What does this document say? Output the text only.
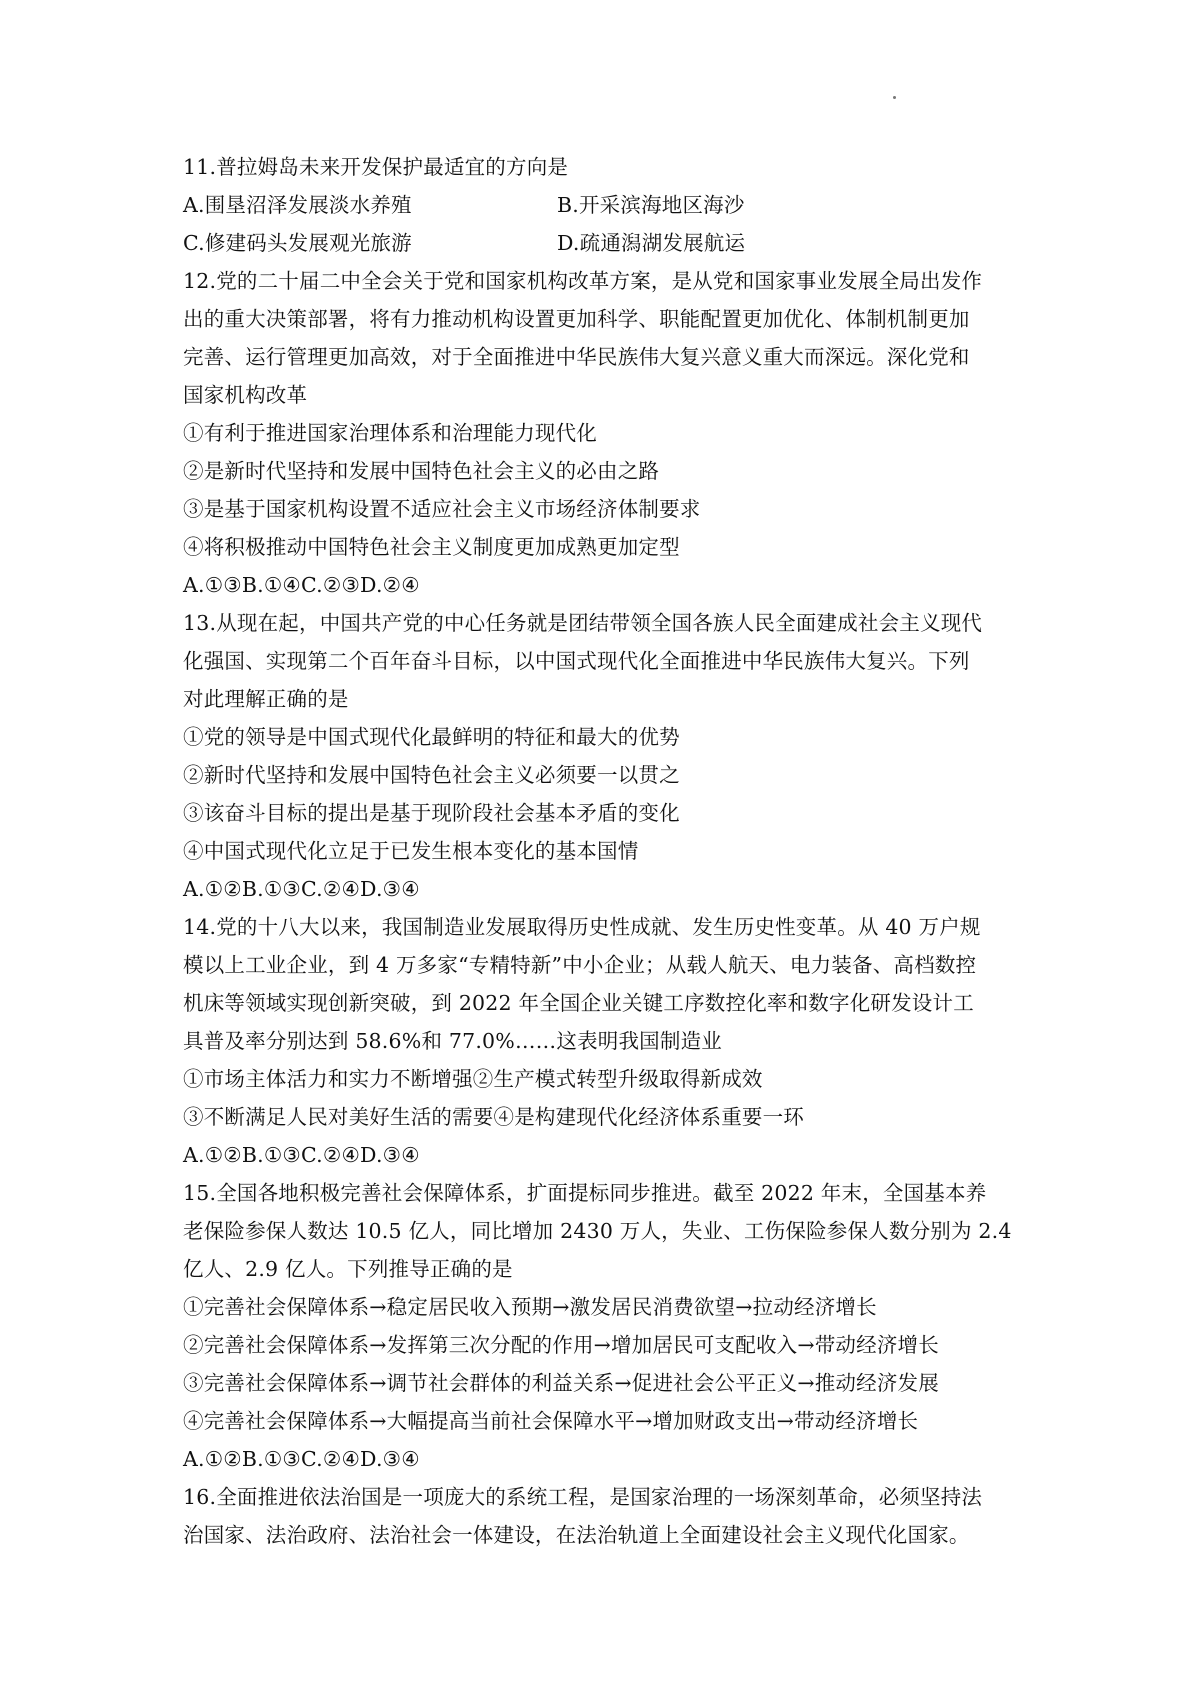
11.普拉姆岛未来开发保护最适宜的方向是
A.围垦沼泽发展淡水养殖	B.开采滨海地区海沙
C.修建码头发展观光旅游	D.疏通潟湖发展航运
12.党的二十届二中全会关于党和国家机构改革方案，是从党和国家事业发展全局出发作
出的重大决策部署，将有力推动机构设置更加科学、职能配置更加优化、体制机制更加
完善、运行管理更加高效，对于全面推进中华民族伟大复兴意义重大而深远。深化党和
国家机构改革
①有利于推进国家治理体系和治理能力现代化
②是新时代坚持和发展中国特色社会主义的必由之路
③是基于国家机构设置不适应社会主义市场经济体制要求
④将积极推动中国特色社会主义制度更加成熟更加定型
A.①③B.①④C.②③D.②④
13.从现在起，中国共产党的中心任务就是团结带领全国各族人民全面建成社会主义现代
化强国、实现第二个百年奋斗目标，以中国式现代化全面推进中华民族伟大复兴。下列
对此理解正确的是
①党的领导是中国式现代化最鲜明的特征和最大的优势
②新时代坚持和发展中国特色社会主义必须要一以贯之
③该奋斗目标的提出是基于现阶段社会基本矛盾的变化
④中国式现代化立足于已发生根本变化的基本国情
A.①②B.①③C.②④D.③④
14.党的十八大以来，我国制造业发展取得历史性成就、发生历史性变革。从 40 万户规
模以上工业企业，到 4 万多家“专精特新”中小企业；从载人航天、电力装备、高档数控
机床等领域实现创新突破，到 2022 年全国企业关键工序数控化率和数字化研发设计工
具普及率分别达到 58.6%和 77.0%……这表明我国制造业
①市场主体活力和实力不断增强②生产模式转型升级取得新成效
③不断满足人民对美好生活的需要④是构建现代化经济体系重要一环
A.①②B.①③C.②④D.③④
15.全国各地积极完善社会保障体系，扩面提标同步推进。截至 2022 年末，全国基本养
老保险参保人数达 10.5 亿人，同比增加 2430 万人，失业、工伤保险参保人数分别为 2.4
亿人、2.9 亿人。下列推导正确的是
①完善社会保障体系→稳定居民收入预期→激发居民消费欲望→拉动经济增长
②完善社会保障体系→发挥第三次分配的作用→增加居民可支配收入→带动经济增长
③完善社会保障体系→调节社会群体的利益关系→促进社会公平正义→推动经济发展
④完善社会保障体系→大幅提高当前社会保障水平→增加财政支出→带动经济增长
A.①②B.①③C.②④D.③④
16.全面推进依法治国是一项庞大的系统工程，是国家治理的一场深刻革命，必须坚持法
治国家、法治政府、法治社会一体建设，在法治轨道上全面建设社会主义现代化国家。
